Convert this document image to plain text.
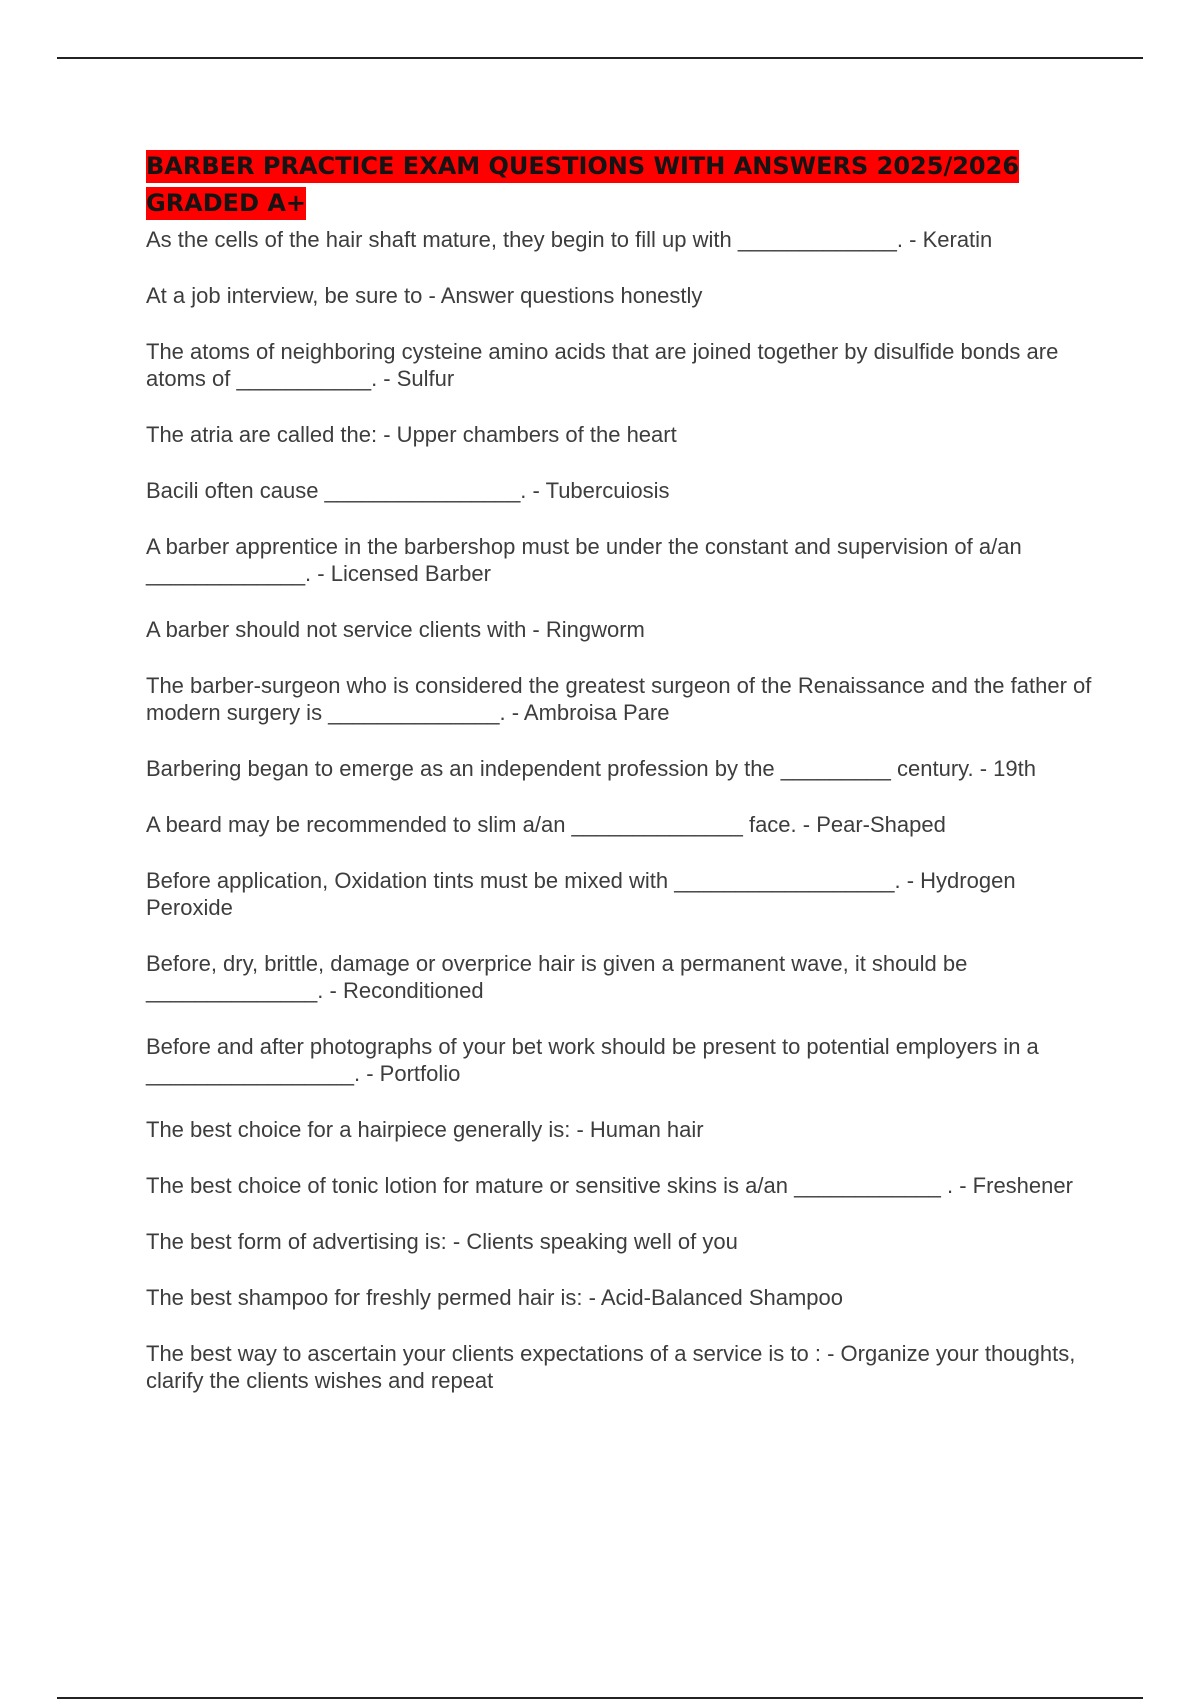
BARBER PRACTICE EXAM QUESTIONS WITH ANSWERS 2025/2026 GRADED A+
As the cells of the hair shaft mature, they begin to fill up with _____________. - Keratin
At a job interview, be sure to - Answer questions honestly
The atoms of neighboring cysteine amino acids that are joined together by disulfide bonds are atoms of ___________. - Sulfur
The atria are called the: - Upper chambers of the heart
Bacili often cause ________________. - Tubercuiosis
A barber apprentice in the barbershop must be under the constant and supervision of a/an _____________. - Licensed Barber
A barber should not service clients with - Ringworm
The barber-surgeon who is considered the greatest surgeon of the Renaissance and the father of modern surgery is ______________. - Ambroisa Pare
Barbering began to emerge as an independent profession by the _________ century. - 19th
A beard may be recommended to slim a/an ______________ face. - Pear-Shaped
Before application, Oxidation tints must be mixed with __________________. - Hydrogen Peroxide
Before, dry, brittle, damage or overprice hair is given a permanent wave, it should be ______________. - Reconditioned
Before and after photographs of your bet work should be present to potential employers in a _________________. - Portfolio
The best choice for a hairpiece generally is: - Human hair
The best choice of tonic lotion for mature or sensitive skins is a/an ____________ . - Freshener
The best form of advertising is: - Clients speaking well of you
The best shampoo for freshly permed hair is: - Acid-Balanced Shampoo
The best way to ascertain your clients expectations of a service is to : - Organize your thoughts, clarify the clients wishes and repeat
